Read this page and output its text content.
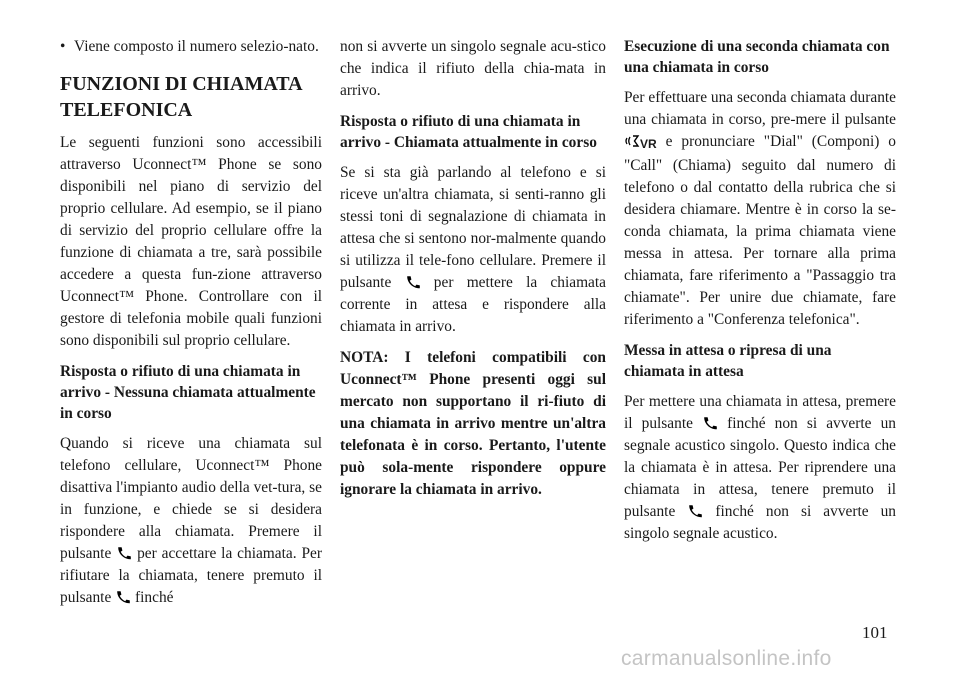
• Viene composto il numero selezio-nato.
FUNZIONI DI CHIAMATA TELEFONICA

Le seguenti funzioni sono accessibili attraverso Uconnect™ Phone se sono disponibili nel piano di servizio del proprio cellulare. Ad esempio, se il piano di servizio del proprio cellulare offre la funzione di chiamata a tre, sarà possibile accedere a questa fun-zione attraverso Uconnect™ Phone. Controllare con il gestore di telefonia mobile quali funzioni sono disponibili sul proprio cellulare.

Risposta o rifiuto di una chiamata in arrivo - Nessuna chiamata attualmente in corso

Quando si riceve una chiamata sul telefono cellulare, Uconnect™ Phone disattiva l'impianto audio della vet-tura, se in funzione, e chiede se si desidera rispondere alla chiamata. Premere il pulsante per accettare la chiamata. Per rifiutare la chiamata, tenere premuto il pulsante finché

non si avverte un singolo segnale acu-stico che indica il rifiuto della chia-mata in arrivo.

Risposta o rifiuto di una chiamata in arrivo - Chiamata attualmente in corso

Se si sta già parlando al telefono e si riceve un'altra chiamata, si senti-ranno gli stessi toni di segnalazione di chiamata in attesa che si sentono nor-malmente quando si utilizza il tele-fono cellulare. Premere il pulsante	per mettere la chiamata corrente in attesa e rispondere alla chiamata in arrivo.

NOTA: I telefoni compatibili con Uconnect™ Phone presenti oggi sul mercato non supportano il ri-fiuto di una chiamata in arrivo mentre un'altra telefonata è in corso. Pertanto, l'utente può sola-mente rispondere oppure ignorare la chiamata in arrivo.

Esecuzione di una seconda chiamata con una chiamata in corso

Per effettuare una seconda chiamata durante una chiamata in corso, pre-mere il pulsante VR e pronunciare "Dial" (Componi) o "Call" (Chiama) seguito dal numero di telefono o dal contatto della rubrica che si desidera chiamare. Mentre è in corso la se-conda chiamata, la prima chiamata viene messa in attesa. Per tornare alla prima chiamata, fare riferimento a "Passaggio tra chiamate". Per unire due chiamate, fare riferimento a "Conferenza telefonica".

Messa in attesa o ripresa di una chiamata in attesa

Per mettere una chiamata in attesa, premere il pulsante finché non si avverte un segnale acustico singolo. Questo indica che la chiamata è in attesa. Per riprendere una chiamata in attesa, tenere premuto il pulsante	finché non si avverte un singolo segnale acustico.

101
carmanualsonline.info
